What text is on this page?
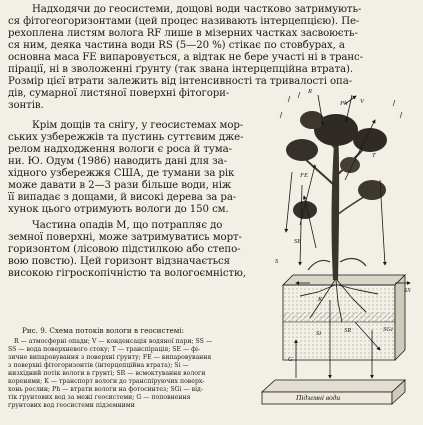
Надходячи до геосистеми, дощові води частково затримують-
ся фітогеогоризонтами (цей процес називають інтерцепцією). Пе-
рехоплена листям волога RF лише в мізерних частках засвоюєть-
ся ним, деяка частина води RS (5—20 %) стікає по стовбурах, а
основна маса FE випаровується, а відтак не бере участі ні в транс-
пірації, ні в зволоженні ґрунту (так звана інтерцепційна втрата).
Розмір цієї втрати залежить від інтенсивності та тривалості опа-
дів, сумарної листяної поверхні фітогори-
зонтів.
Крім дощів та снігу, у геосистемах мор-
ських узбережжів та пустинь суттєвим дже-
релом надходження вологи є роса й тума-
ни. Ю. Одум (1986) наводить дані для за-
хідного узбережжя США, де тумани за рік
може давати в 2—3 рази більше води, ніж
її випадає з дощами, й високі дерева за ра-
хунок цього отримують вологи до 150 см.
Частина опадів M, що потрапляє до
земної поверхні, може затримуватись морт-
горизонтом (лісовою підстилкою або степо-
вою повстю). Цей горизонт відзначається
високою гігроскопічністю та вологоємністю,
Рис. 9. Схема потоків вологи в геосистемі:
R — атмосферні опади; V — конденсація водяної пари; SS —
SS — вода поверхневого стоку; T — транспірація; SE — фі-
зичне випаровування з поверхні ґрунту; FE — випаровування
з поверхні фітогоризонтів (інтерцепційна втрата); Si —
низхідний потік вологи в ґрунті; SR — всмоктування вологи
коренями; K — транспорт вологи до транспіруючих поверх-
хонь рослин; Ph — втрати вологи на фотосинтез; SGi — від-
тік ґрунтових вод за межі геосистеми; G — поповнення
ґрунтових вод геосистеми підземними
R
V
Ph
T
FE
SE
S
SS
K
SR	SGi
Si
G
Підземні води
